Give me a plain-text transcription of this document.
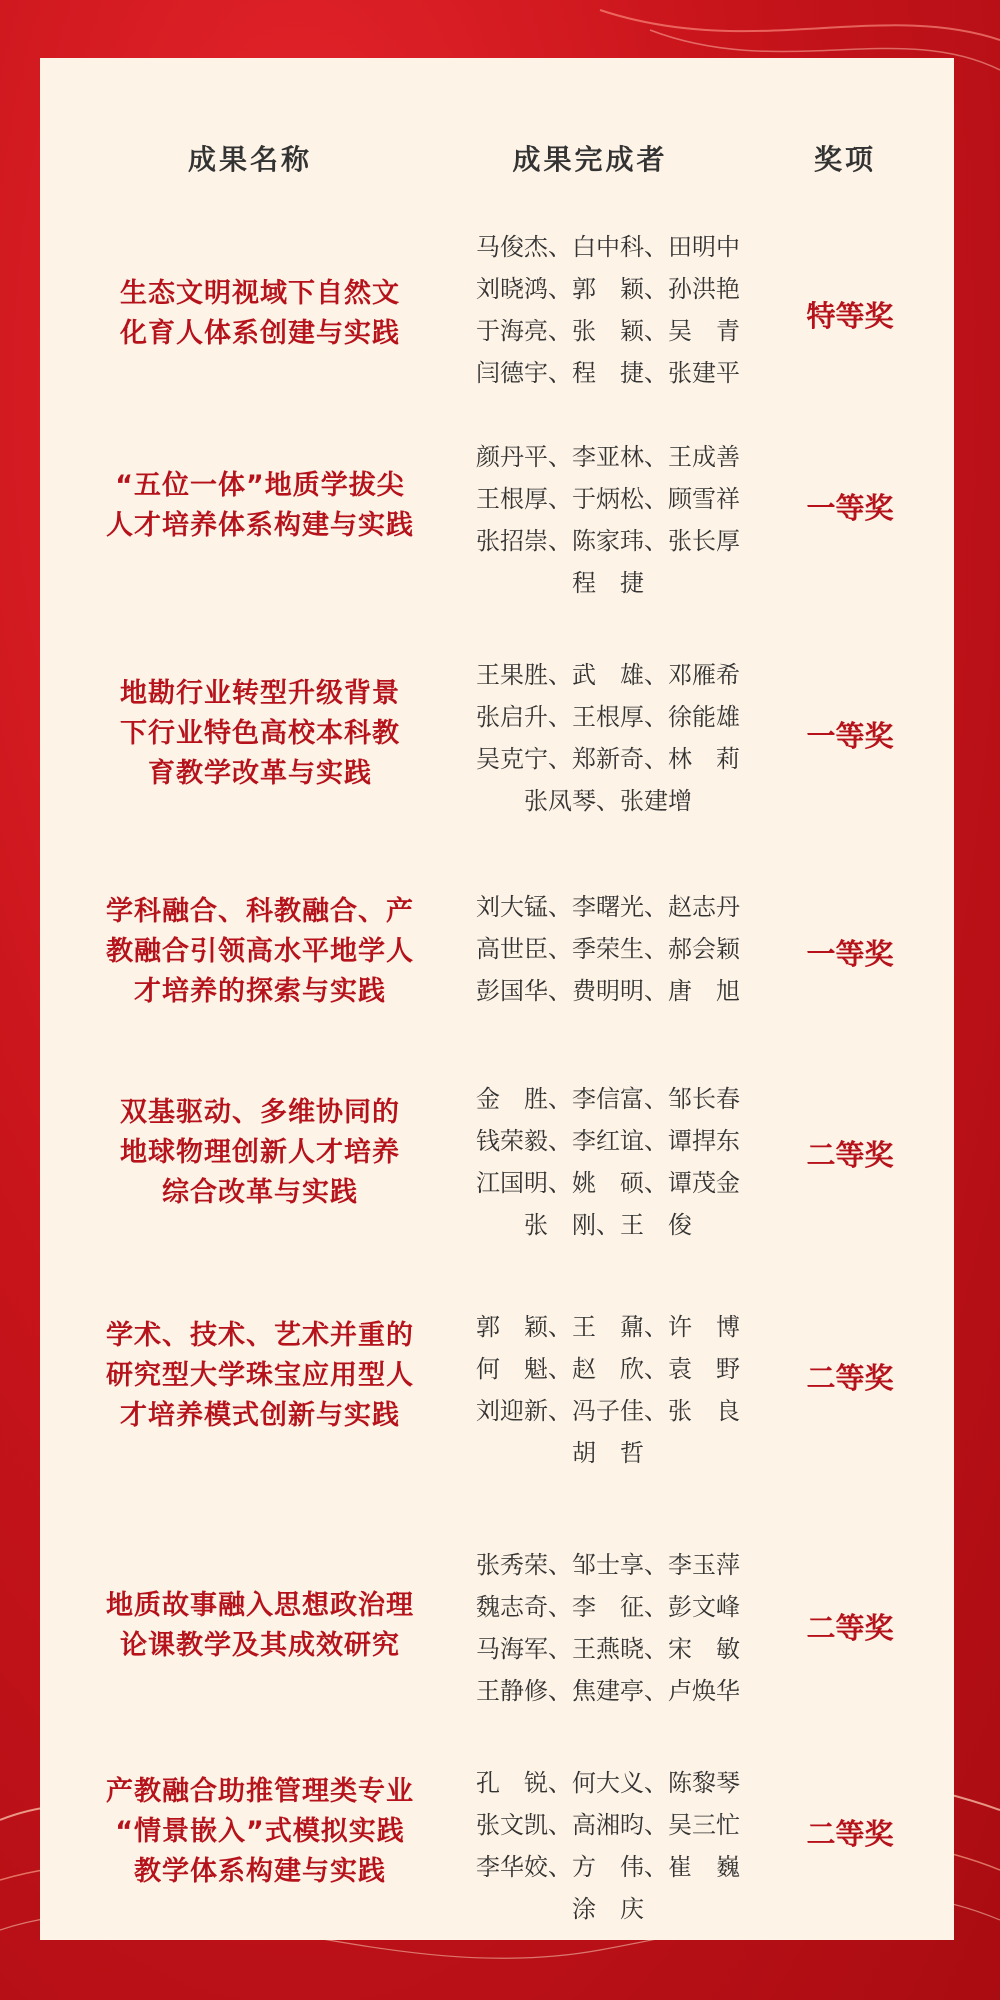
成果名称	成果完成者	奖项
生态文明视域下自然文
化育人体系创建与实践
马俊杰、白中科、田明中
刘晓鸿、郭　颖、孙洪艳
于海亮、张　颖、吴　青
闫德宇、程　捷、张建平
特等奖
“五位一体”地质学拔尖
人才培养体系构建与实践
颜丹平、李亚林、王成善
王根厚、于炳松、顾雪祥
张招崇、陈家玮、张长厚
程　捷
一等奖
地勘行业转型升级背景
下行业特色高校本科教
育教学改革与实践
王果胜、武　雄、邓雁希
张启升、王根厚、徐能雄
吴克宁、郑新奇、林　莉
张凤琴、张建增
一等奖
学科融合、科教融合、产
教融合引领高水平地学人
才培养的探索与实践
刘大锰、李曙光、赵志丹
高世臣、季荣生、郝会颖
彭国华、费明明、唐　旭
一等奖
双基驱动、多维协同的
地球物理创新人才培养
综合改革与实践
金　胜、李信富、邹长春
钱荣毅、李红谊、谭捍东
江国明、姚　硕、谭茂金
张　刚、王　俊
二等奖
学术、技术、艺术并重的
研究型大学珠宝应用型人
才培养模式创新与实践
郭　颖、王　鼐、许　博
何　魁、赵　欣、袁　野
刘迎新、冯子佳、张　良
胡　哲
二等奖
地质故事融入思想政治理
论课教学及其成效研究
张秀荣、邹士享、李玉萍
魏志奇、李　征、彭文峰
马海军、王燕晓、宋　敏
王静修、焦建亭、卢焕华
二等奖
产教融合助推管理类专业
“情景嵌入”式模拟实践
教学体系构建与实践
孔　锐、何大义、陈黎琴
张文凯、高湘昀、吴三忙
李华姣、方　伟、崔　巍
涂　庆
二等奖
